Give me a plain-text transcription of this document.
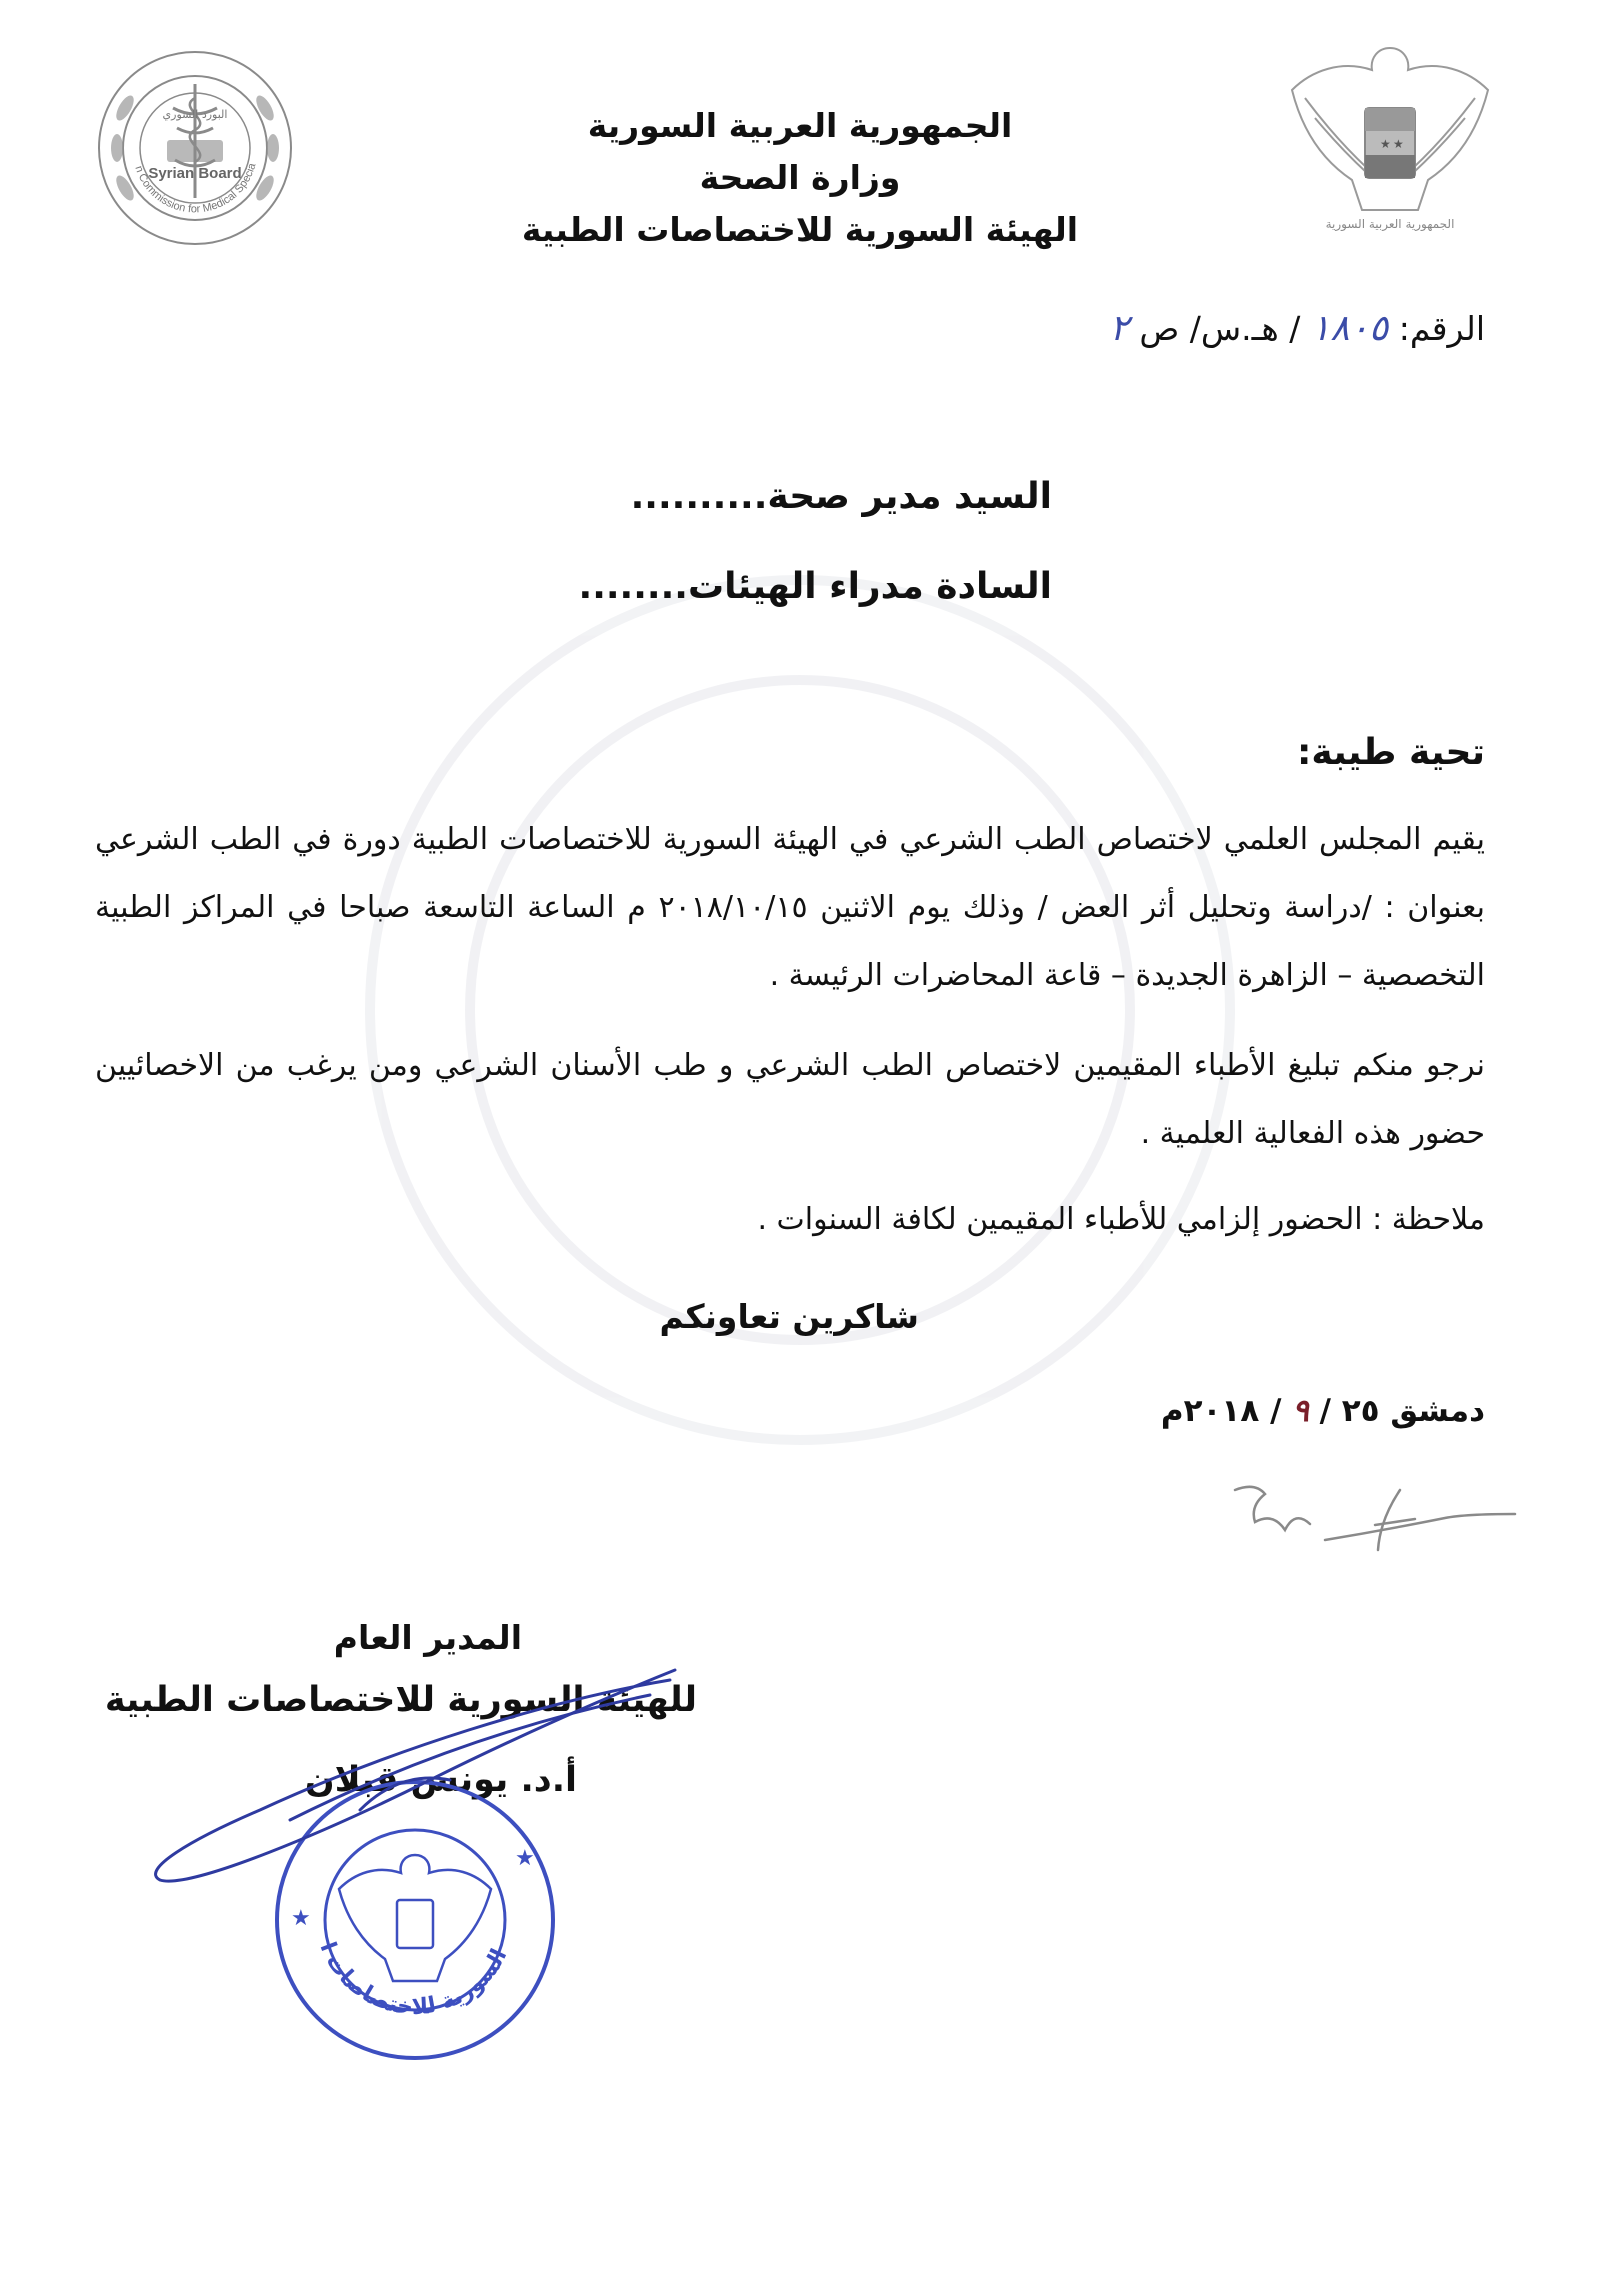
Syrian Commission for Medical Specialities
Syrian Board
البورد السوري
★ ★
الجمهورية العربية السورية
الجمهورية العربية السورية
وزارة الصحة
الهيئة السورية للاختصاصات الطبية
الرقم: ١٨٠٥ / هـ.س/ ص ٢
السيد مدير صحة..........
السادة مدراء الهيئات........
تحية طيبة:
يقيم المجلس العلمي لاختصاص الطب الشرعي في الهيئة السورية للاختصاصات الطبية دورة في الطب الشرعي بعنوان : /دراسة وتحليل أثر العض / وذلك يوم الاثنين ٢٠١٨/١٠/١٥ م الساعة التاسعة صباحا في المراكز الطبية التخصصية – الزاهرة الجديدة – قاعة المحاضرات الرئيسة .
نرجو منكم تبليغ الأطباء المقيمين لاختصاص الطب الشرعي و طب الأسنان الشرعي ومن يرغب من الاخصائيين حضور هذه الفعالية العلمية .
ملاحظة : الحضور إلزامي للأطباء المقيمين لكافة السنوات .
شاكرين تعاونكم
دمشق ٢٥ / ٩ / ٢٠١٨م
المدير العام
للهيئة السورية للاختصاصات الطبية
أ.د. يونس قبلان
الهيئة السورية للاختصاصات الطبية
★
★
